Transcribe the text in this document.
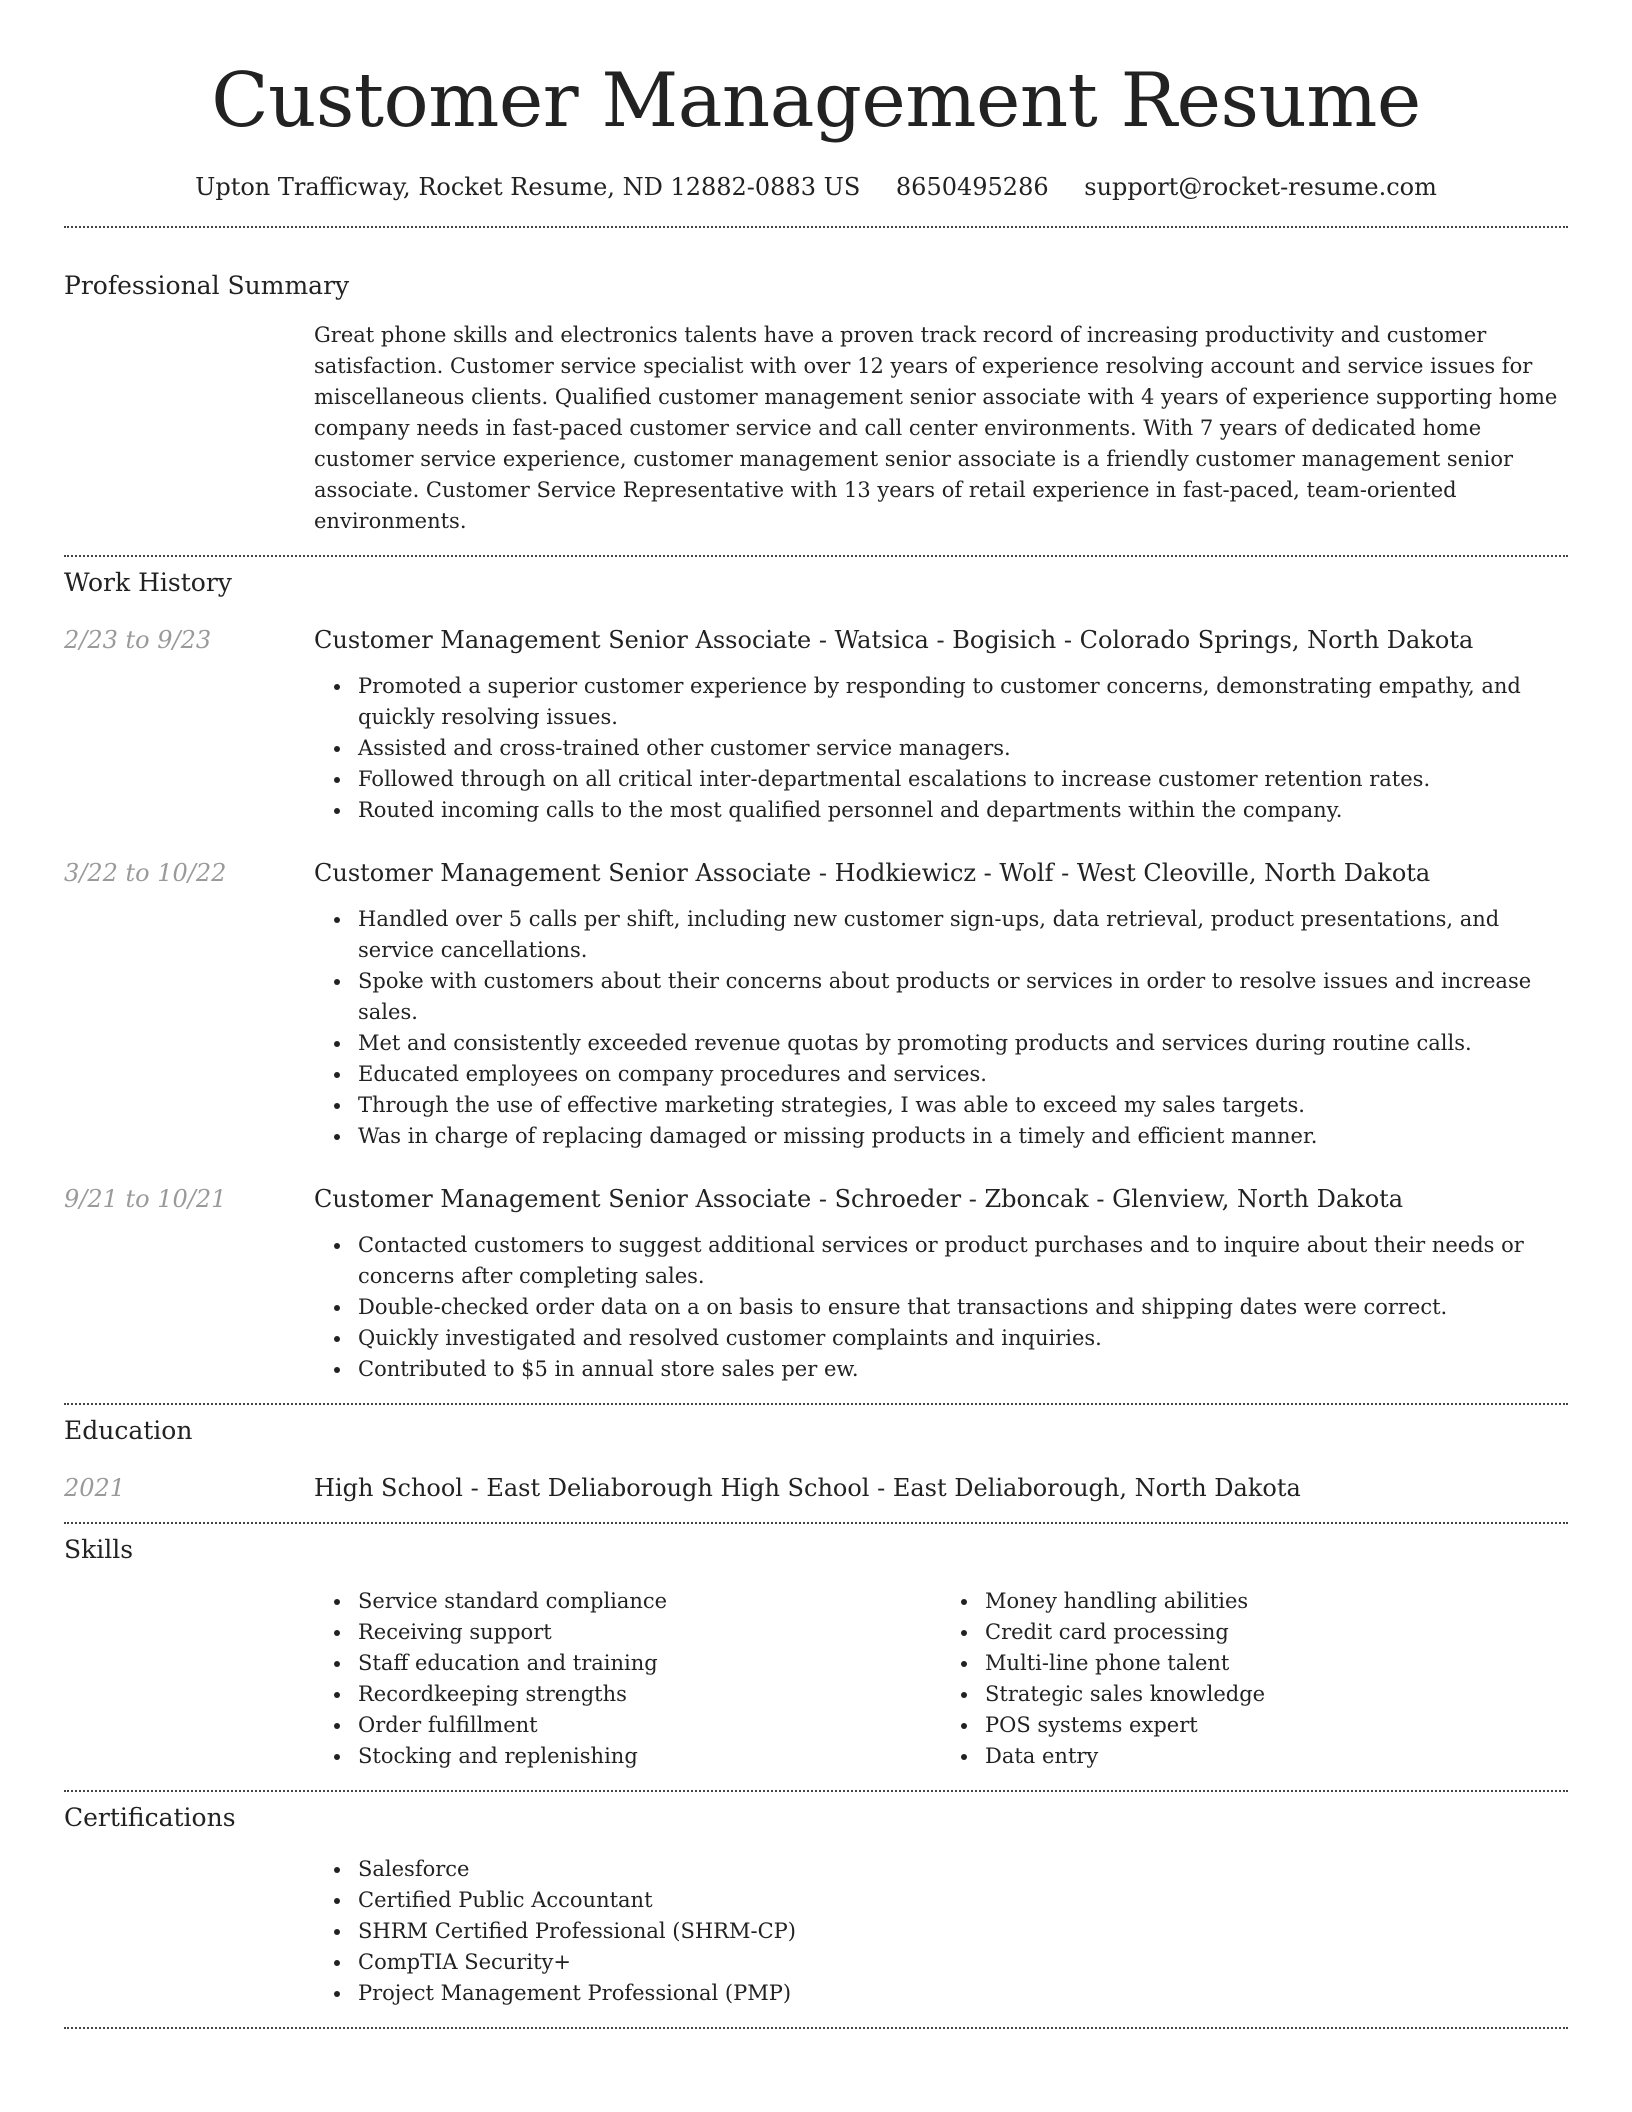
Customer Management Resume
Upton Trafficway, Rocket Resume, ND 12882-0883 US 8650495286 support@rocket-resume.com
Professional Summary

Great phone skills and electronics talents have a proven track record of increasing productivity and customer satisfaction. Customer service specialist with over 12 years of experience resolving account and service issues for miscellaneous clients. Qualified customer management senior associate with 4 years of experience supporting home company needs in fast-paced customer service and call center environments. With 7 years of dedicated home customer service experience, customer management senior associate is a friendly customer management senior associate. Customer Service Representative with 13 years of retail experience in fast-paced, team-oriented environments.

Work History
2/23 to 9/23	Customer Management Senior Associate - Watsica - Bogisich - Colorado Springs, North Dakota
Promoted a superior customer experience by responding to customer concerns, demonstrating empathy, and quickly resolving issues.
Assisted and cross-trained other customer service managers.
Followed through on all critical inter-departmental escalations to increase customer retention rates.
Routed incoming calls to the most qualified personnel and departments within the company.
3/22 to 10/22	Customer Management Senior Associate - Hodkiewicz - Wolf - West Cleoville, North Dakota
Handled over 5 calls per shift, including new customer sign-ups, data retrieval, product presentations, and service cancellations.
Spoke with customers about their concerns about products or services in order to resolve issues and increase sales.
Met and consistently exceeded revenue quotas by promoting products and services during routine calls.
Educated employees on company procedures and services.
Through the use of effective marketing strategies, I was able to exceed my sales targets.
Was in charge of replacing damaged or missing products in a timely and efficient manner.
9/21 to 10/21	Customer Management Senior Associate - Schroeder - Zboncak - Glenview, North Dakota
Contacted customers to suggest additional services or product purchases and to inquire about their needs or concerns after completing sales.
Double-checked order data on a on basis to ensure that transactions and shipping dates were correct.
Quickly investigated and resolved customer complaints and inquiries.
Contributed to $5 in annual store sales per ew.
Education
2021	High School - East Deliaborough High School - East Deliaborough, North Dakota
Skills
Service standard compliance
Receiving support
Staff education and training
Recordkeeping strengths
Order fulfillment
Stocking and replenishing
Money handling abilities
Credit card processing
Multi-line phone talent
Strategic sales knowledge
POS systems expert
Data entry
Certifications
Salesforce
Certified Public Accountant
SHRM Certified Professional (SHRM-CP)
CompTIA Security+
Project Management Professional (PMP)
